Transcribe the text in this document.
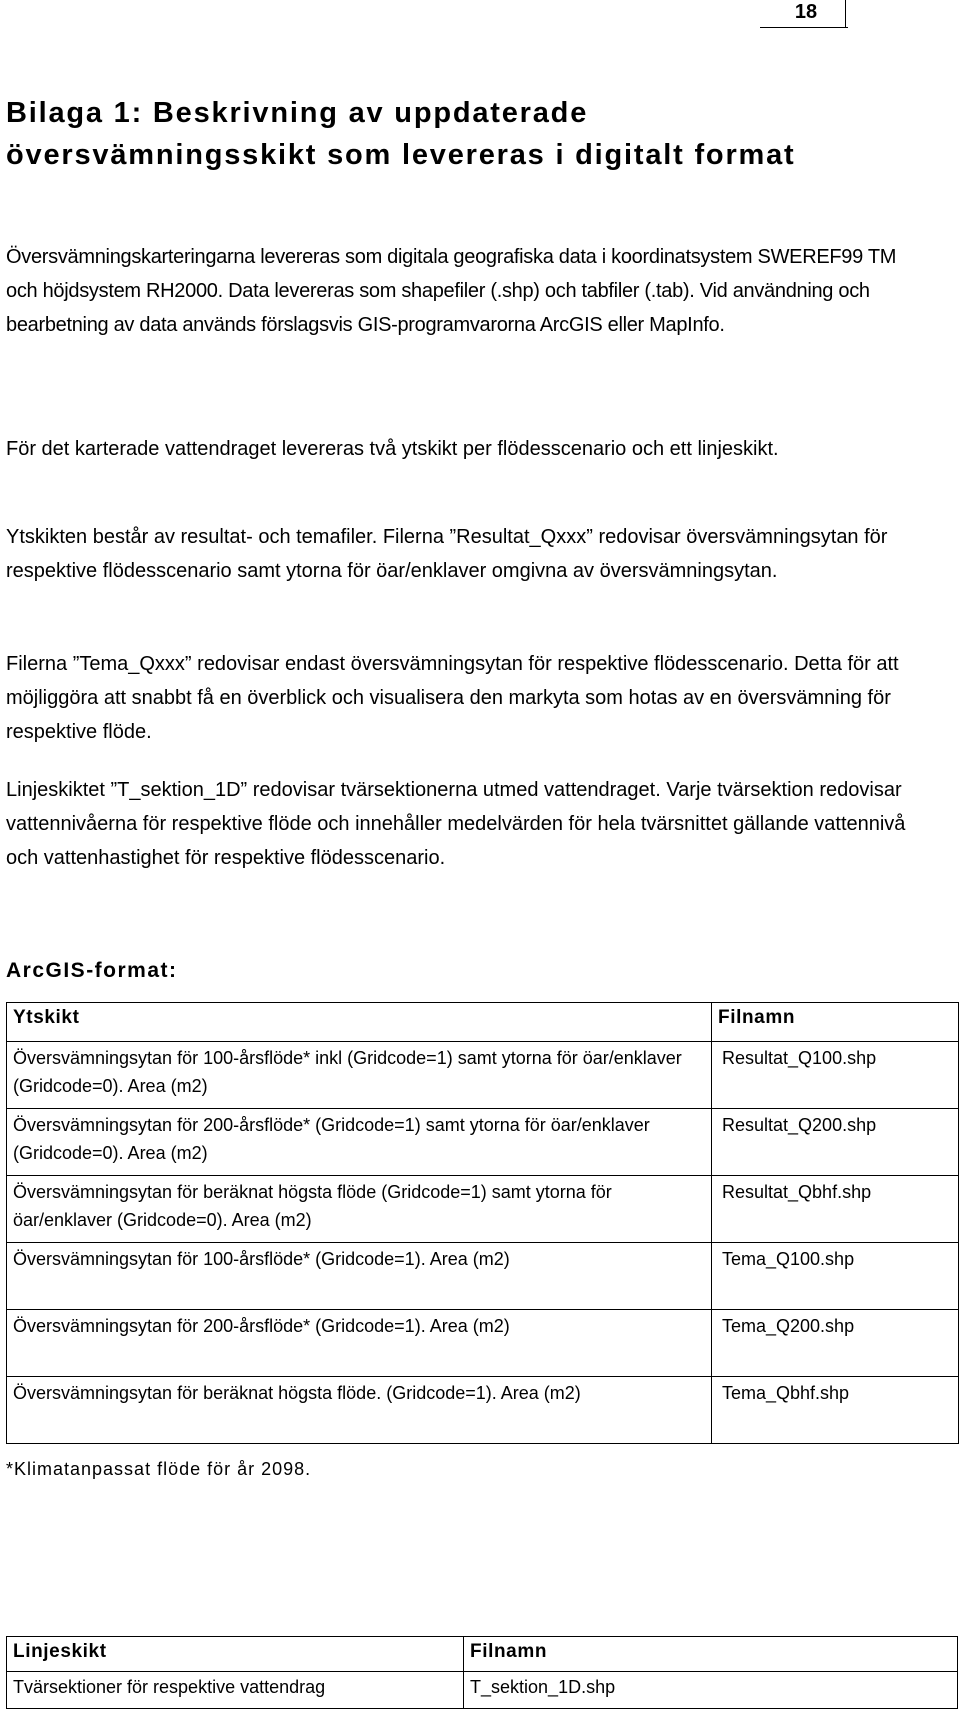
18
Bilaga 1: Beskrivning av uppdaterade översvämningsskikt som levereras i digitalt format

Översvämningskarteringarna levereras som digitala geografiska data i koordinatsystem SWEREF99 TM och höjdsystem RH2000. Data levereras som shapefiler (.shp) och tabfiler (.tab). Vid användning och bearbetning av data används förslagsvis GIS-programvarorna ArcGIS eller MapInfo.

För det karterade vattendraget levereras två ytskikt per flödesscenario och ett linjeskikt.

Ytskikten består av resultat- och temafiler. Filerna ”Resultat_Qxxx” redovisar översvämningsytan för respektive flödesscenario samt ytorna för öar/enklaver omgivna av översvämningsytan.

Filerna ”Tema_Qxxx” redovisar endast översvämningsytan för respektive flödesscenario. Detta för att möjliggöra att snabbt få en överblick och visualisera den markyta som hotas av en översvämning för respektive flöde.

Linjeskiktet ”T_sektion_1D” redovisar tvärsektionerna utmed vattendraget. Varje tvärsektion redovisar vattennivåerna för respektive flöde och innehåller medelvärden för hela tvärsnittet gällande vattennivå och vattenhastighet för respektive flödesscenario.

ArcGIS-format:
Ytskikt	Filnamn
Översvämningsytan för 100-årsflöde* inkl (Gridcode=1) samt ytorna för öar/enklaver (Gridcode=0). Area (m2)	Resultat_Q100.shp
Översvämningsytan för 200-årsflöde* (Gridcode=1) samt ytorna för öar/enklaver (Gridcode=0). Area (m2)	Resultat_Q200.shp
Översvämningsytan för beräknat högsta flöde (Gridcode=1) samt ytorna för öar/enklaver (Gridcode=0). Area (m2)	Resultat_Qbhf.shp
Översvämningsytan för 100-årsflöde* (Gridcode=1). Area (m2)	Tema_Q100.shp
Översvämningsytan för 200-årsflöde* (Gridcode=1). Area (m2)	Tema_Q200.shp
Översvämningsytan för beräknat högsta flöde. (Gridcode=1). Area (m2)	Tema_Qbhf.shp

*Klimatanpassat flöde för år 2098.

Linjeskikt	Filnamn
Tvärsektioner för respektive vattendrag	T_sektion_1D.shp
